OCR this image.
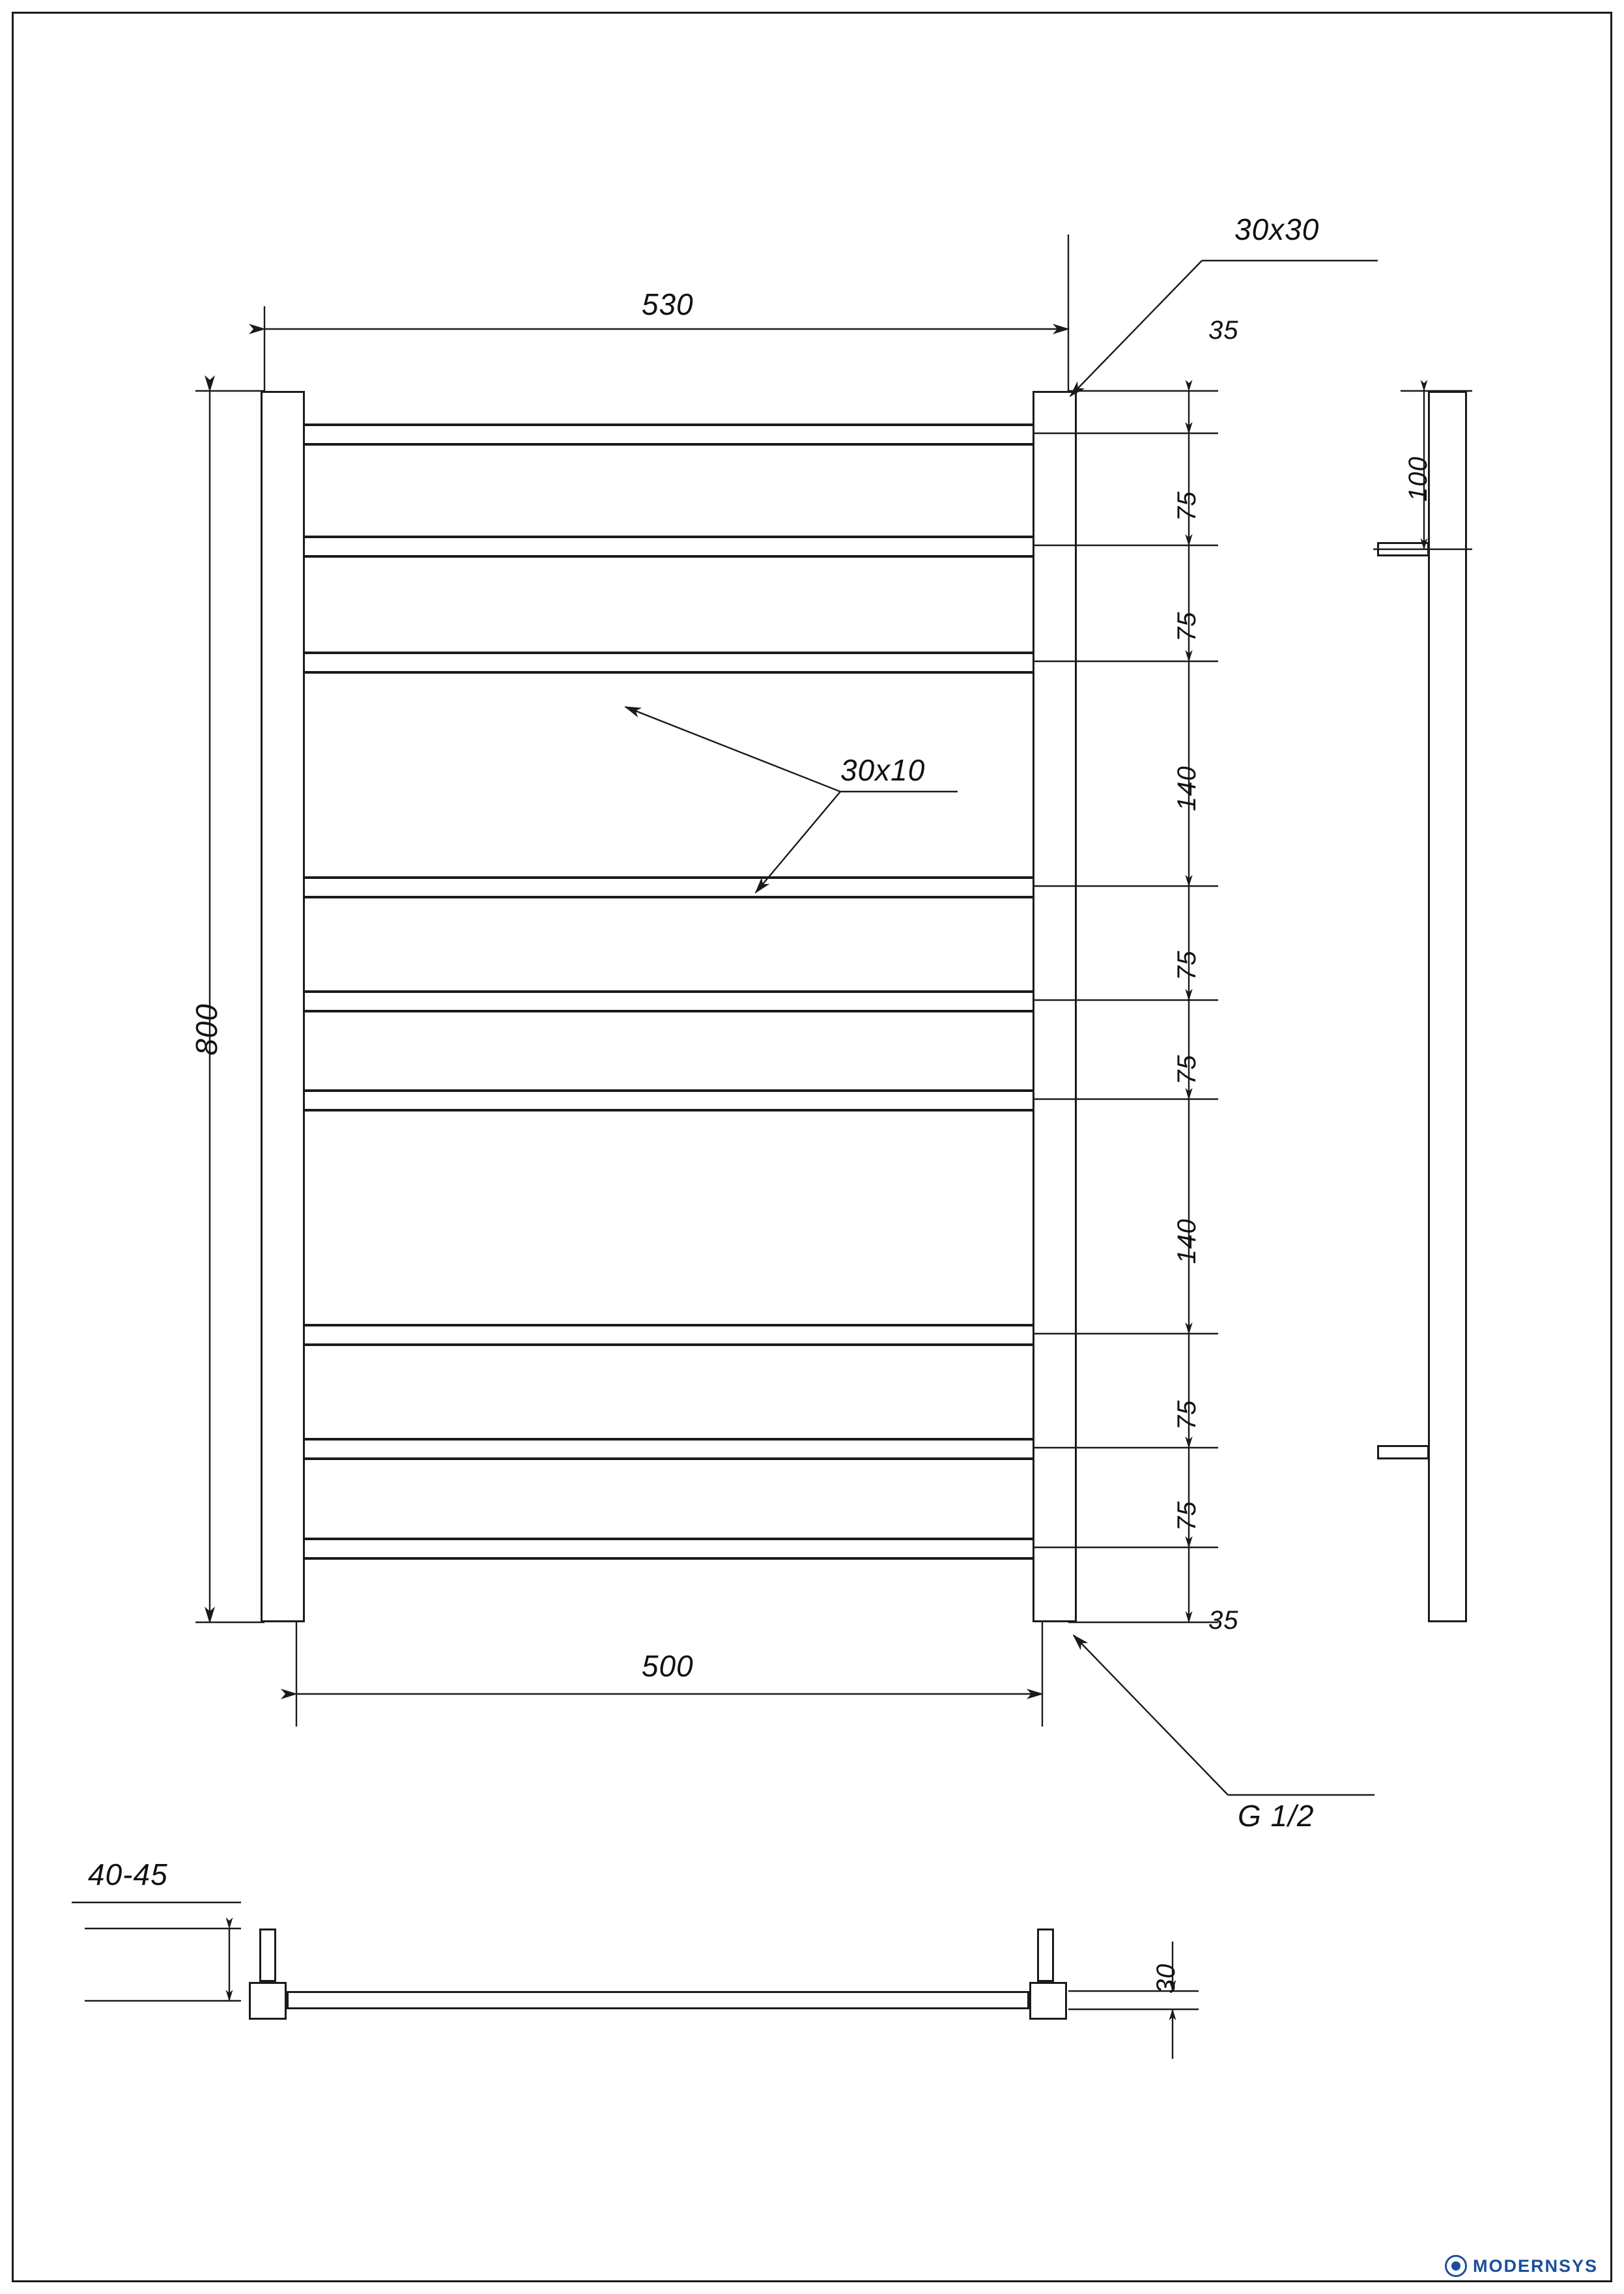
530
800
500
35
75
75
140
75
75
140
75
75
35
30x30
30x10
G 1/2
100
40-45
30
MODERNSYS
